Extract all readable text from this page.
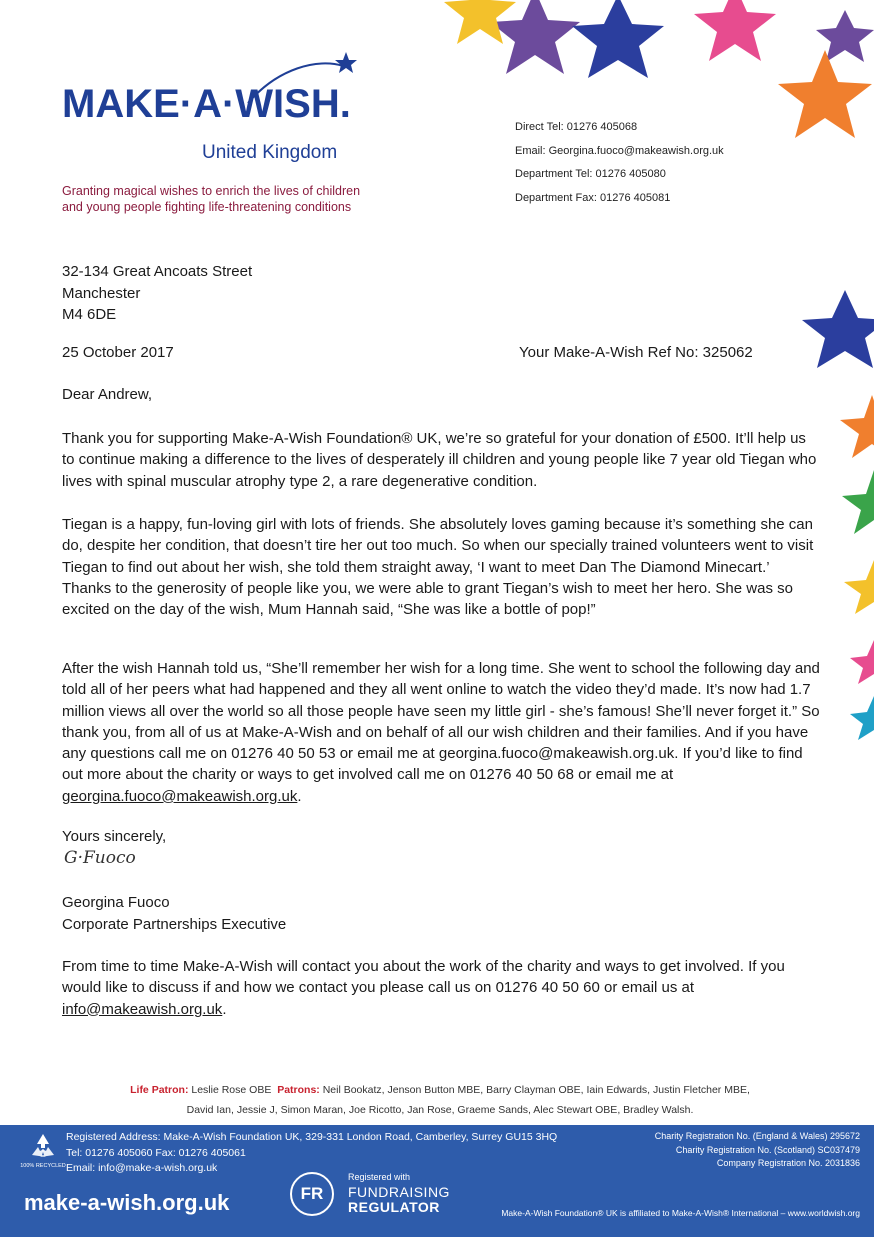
MAKE·A·WISH.
United Kingdom
Granting magical wishes to enrich the lives of children
and young people fighting life-threatening conditions
Direct Tel: 01276 405068
Email: Georgina.fuoco@makeawish.org.uk
Department Tel: 01276 405080
Department Fax: 01276 405081
32-134 Great Ancoats Street
Manchester
M4 6DE
25 October 2017	Your Make-A-Wish Ref No: 325062
Dear Andrew,
Thank you for supporting Make-A-Wish Foundation® UK, we’re so grateful for your donation of £500. It’ll help us to continue making a difference to the lives of desperately ill children and young people like 7 year old Tiegan who lives with spinal muscular atrophy type 2, a rare degenerative condition.
Tiegan is a happy, fun-loving girl with lots of friends. She absolutely loves gaming because it’s something she can do, despite her condition, that doesn’t tire her out too much. So when our specially trained volunteers went to visit Tiegan to find out about her wish, she told them straight away, ‘I want to meet Dan The Diamond Minecart.’ Thanks to the generosity of people like you, we were able to grant Tiegan’s wish to meet her hero. She was so excited on the day of the wish, Mum Hannah said, “She was like a bottle of pop!”
After the wish Hannah told us, “She’ll remember her wish for a long time. She went to school the following day and told all of her peers what had happened and they all went online to watch the video they’d made. It’s now had 1.7 million views all over the world so all those people have seen my little girl - she’s famous! She’ll never forget it.” So thank you, from all of us at Make-A-Wish and on behalf of all our wish children and their families. And if you have any questions call me on 01276 40 50 53 or email me at georgina.fuoco@makeawish.org.uk. If you’d like to find out more about the charity or ways to get involved call me on 01276 40 50 68 or email me at georgina.fuoco@makeawish.org.uk.
Yours sincerely,
G·Fuoco
Georgina Fuoco
Corporate Partnerships Executive
From time to time Make-A-Wish will contact you about the work of the charity and ways to get involved. If you would like to discuss if and how we contact you please call us on 01276 40 50 60 or email us at info@makeawish.org.uk.
Life Patron: Leslie Rose OBE Patrons: Neil Bookatz, Jenson Button MBE, Barry Clayman OBE, Iain Edwards, Justin Fletcher MBE,
David Ian, Jessie J, Simon Maran, Joe Ricotto, Jan Rose, Graeme Sands, Alec Stewart OBE, Bradley Walsh.
100% RECYCLED
Registered Address: Make-A-Wish Foundation UK, 329-331 London Road, Camberley, Surrey GU15 3HQ
Tel: 01276 405060 Fax: 01276 405061
Email: info@make-a-wish.org.uk
make-a-wish.org.uk	FR
Registered with
FUNDRAISING
REGULATOR
Charity Registration No. (England & Wales) 295672
Charity Registration No. (Scotland) SC037479
Company Registration No. 2031836
Make-A-Wish Foundation® UK is affiliated to Make-A-Wish® International – www.worldwish.org
